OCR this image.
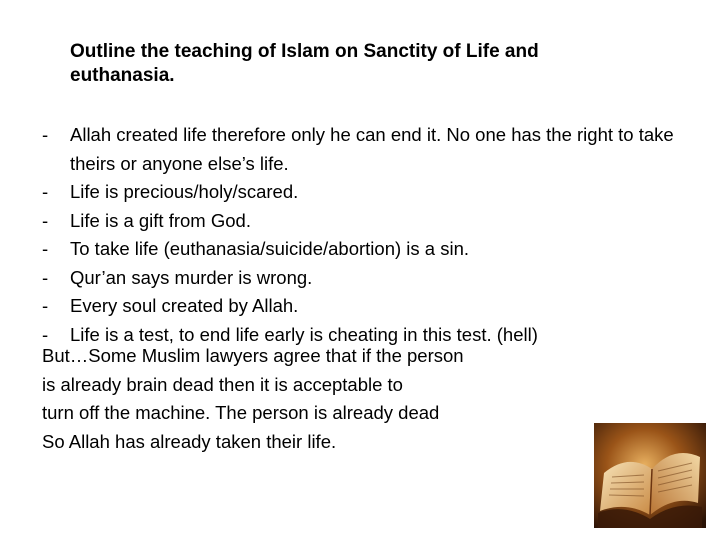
Outline the teaching of Islam on Sanctity of Life and
euthanasia.
- Allah created life therefore only he can end it. No one has the right to take theirs or anyone else’s life.
- Life is precious/holy/scared.
- Life is a gift from God.
- To take life (euthanasia/suicide/abortion) is a sin.
- Qur’an says murder is wrong.
- Every soul created by Allah.
- Life is a test, to end life early is cheating in this test. (hell)
But…Some Muslim lawyers agree that if the person
is already brain dead then it is acceptable to
turn off the machine. The person is already dead
So Allah has already taken their life.
